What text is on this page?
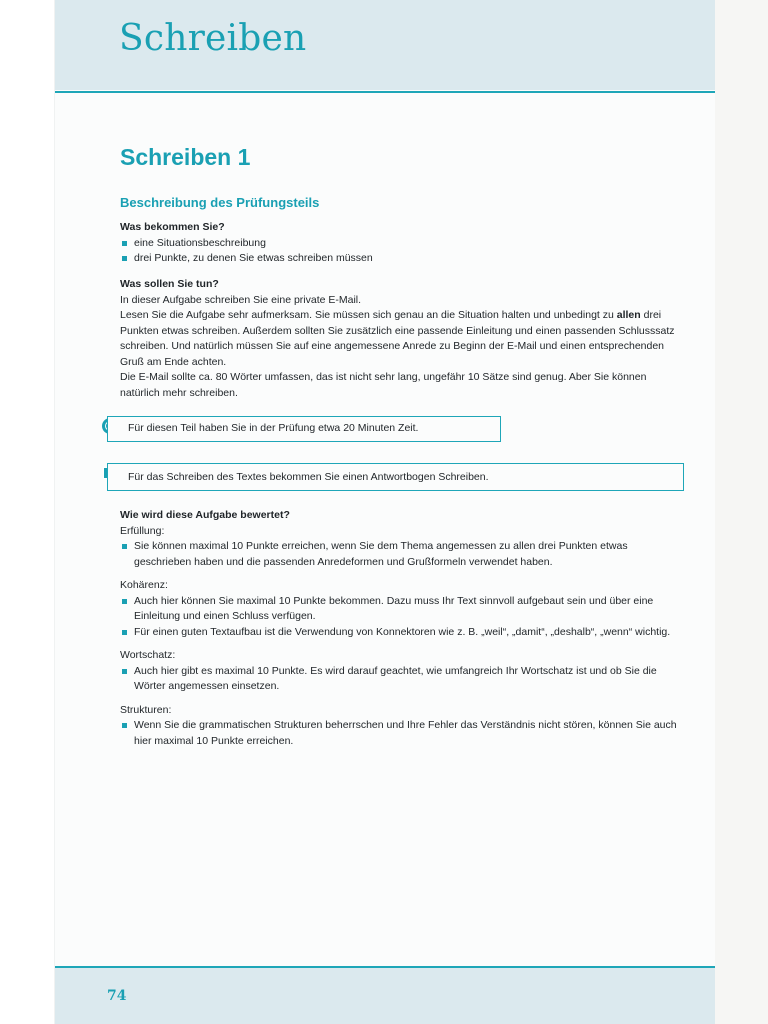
Schreiben
Schreiben 1
Beschreibung des Prüfungsteils
Was bekommen Sie?
eine Situationsbeschreibung
drei Punkte, zu denen Sie etwas schreiben müssen
Was sollen Sie tun?
In dieser Aufgabe schreiben Sie eine private E-Mail.
Lesen Sie die Aufgabe sehr aufmerksam. Sie müssen sich genau an die Situation halten und unbedingt zu allen drei Punkten etwas schreiben. Außerdem sollten Sie zusätzlich eine passende Einleitung und einen passenden Schlusssatz schreiben. Und natürlich müssen Sie auf eine angemessene Anrede zu Beginn der E-Mail und einen entsprechenden Gruß am Ende achten.
Die E-Mail sollte ca. 80 Wörter umfassen, das ist nicht sehr lang, ungefähr 10 Sätze sind genug. Aber Sie können natürlich mehr schreiben.
Für diesen Teil haben Sie in der Prüfung etwa 20 Minuten Zeit.
Für das Schreiben des Textes bekommen Sie einen Antwortbogen Schreiben.
Wie wird diese Aufgabe bewertet?
Erfüllung:
Sie können maximal 10 Punkte erreichen, wenn Sie dem Thema angemessen zu allen drei Punkten etwas geschrieben haben und die passenden Anredeformen und Grußformeln verwendet haben.
Kohärenz:
Auch hier können Sie maximal 10 Punkte bekommen. Dazu muss Ihr Text sinnvoll aufgebaut sein und über eine Einleitung und einen Schluss verfügen.
Für einen guten Textaufbau ist die Verwendung von Konnektoren wie z. B. „weil“, „damit“, „deshalb“, „wenn“ wichtig.
Wortschatz:
Auch hier gibt es maximal 10 Punkte. Es wird darauf geachtet, wie umfangreich Ihr Wortschatz ist und ob Sie die Wörter angemessen einsetzen.
Strukturen:
Wenn Sie die grammatischen Strukturen beherrschen und Ihre Fehler das Verständnis nicht stören, können Sie auch hier maximal 10 Punkte erreichen.

74
